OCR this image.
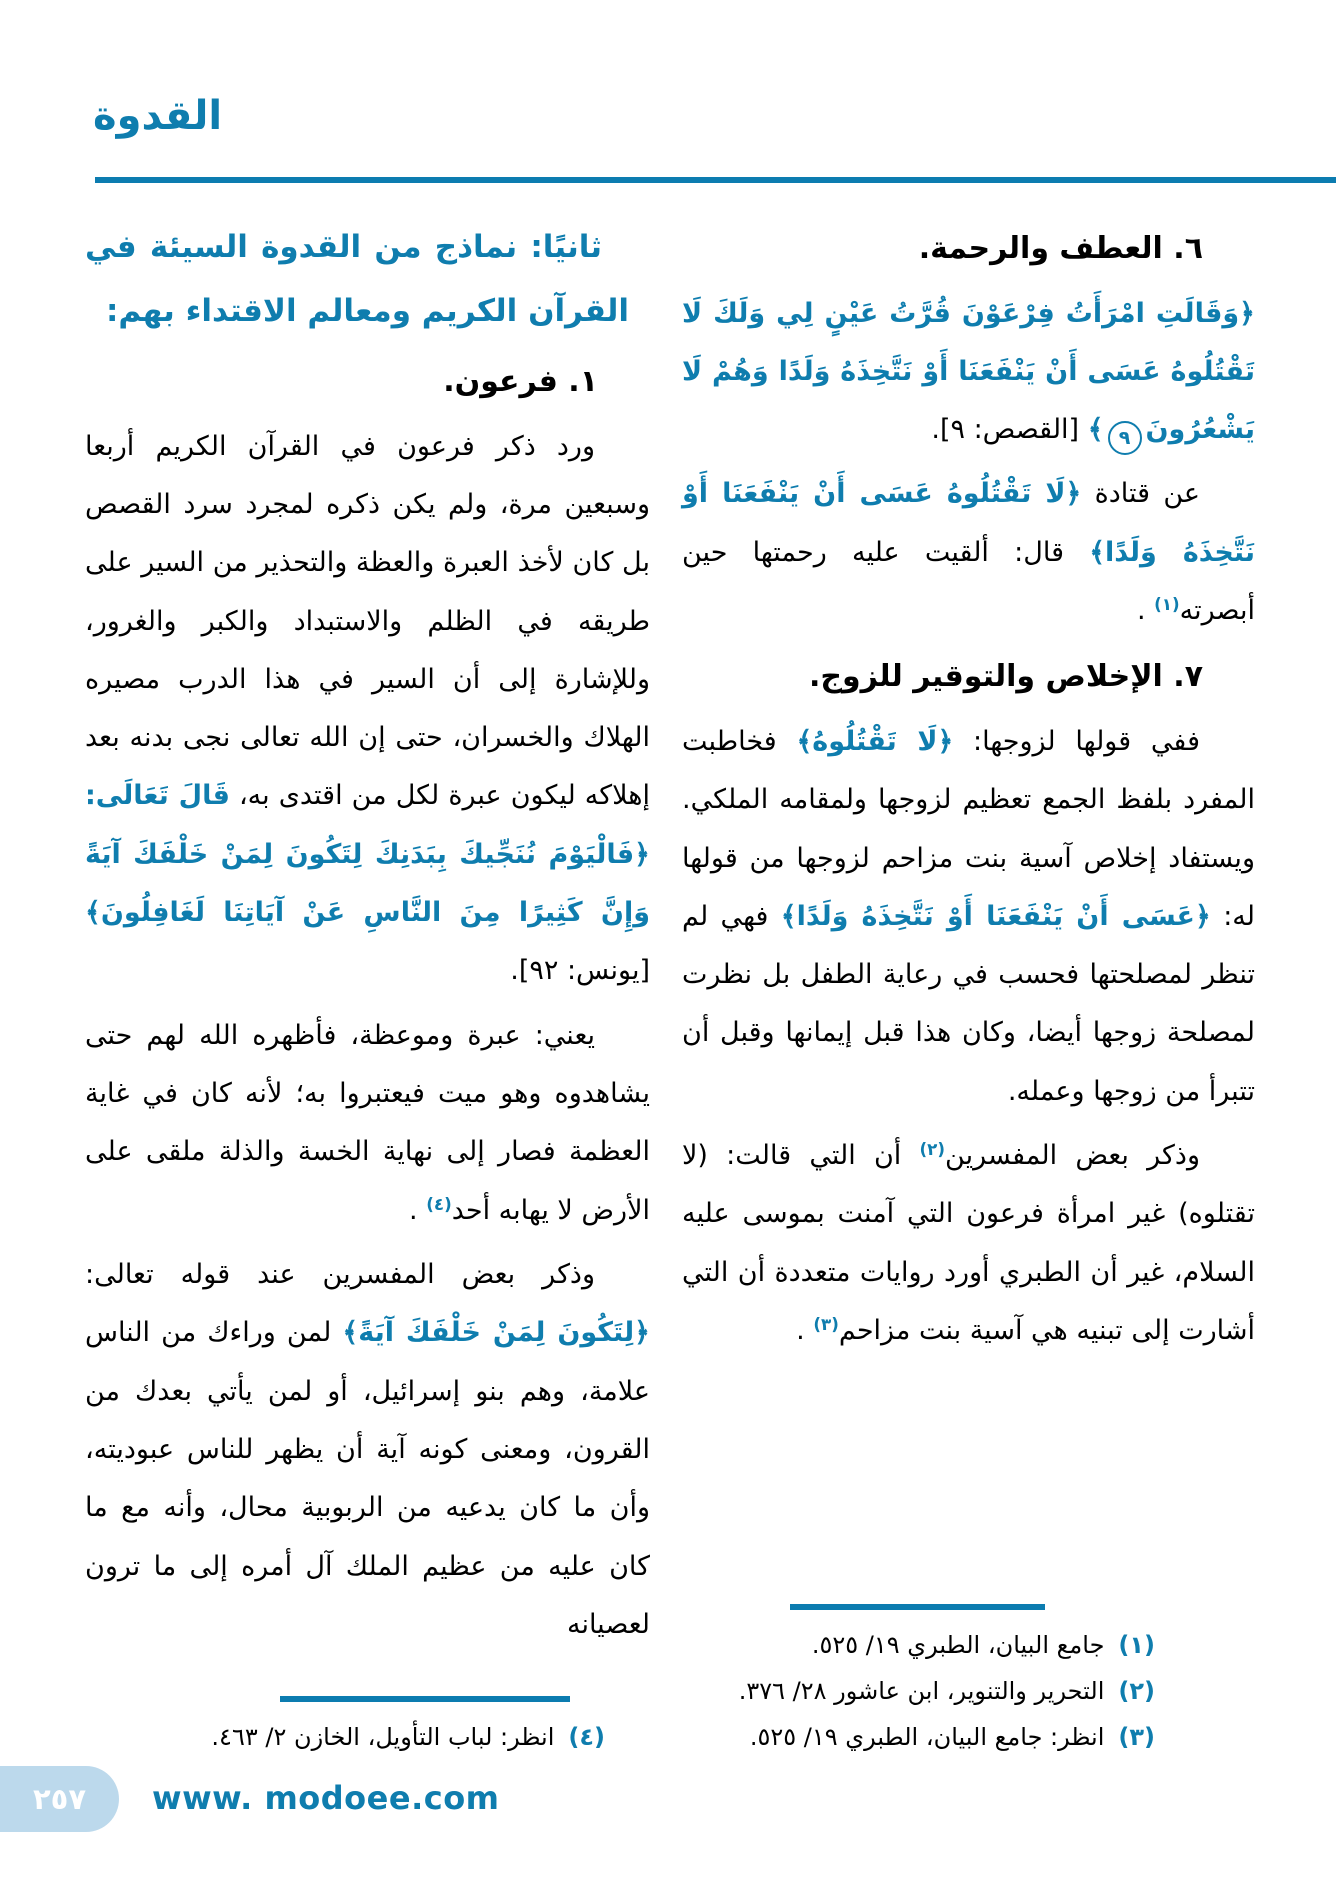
القدوة
٦. العطف والرحمة.
﴿وَقَالَتِ امْرَأَتُ فِرْعَوْنَ قُرَّتُ عَيْنٍ لِي وَلَكَ لَا تَقْتُلُوهُ عَسَى أَنْ يَنْفَعَنَا أَوْ نَتَّخِذَهُ وَلَدًا وَهُمْ لَا يَشْعُرُونَ٩﴾ [القصص: ٩].
عن قتادة ﴿لَا تَقْتُلُوهُ عَسَى أَنْ يَنْفَعَنَا أَوْ نَتَّخِذَهُ وَلَدًا﴾ قال: ألقيت عليه رحمتها حين أبصرته$^{(١)}$ .
٧. الإخلاص والتوقير للزوج.
ففي قولها لزوجها: ﴿لَا تَقْتُلُوهُ﴾ فخاطبت المفرد بلفظ الجمع تعظيم لزوجها ولمقامه الملكي. ويستفاد إخلاص آسية بنت مزاحم لزوجها من قولها له: ﴿عَسَى أَنْ يَنْفَعَنَا أَوْ نَتَّخِذَهُ وَلَدًا﴾ فهي لم تنظر لمصلحتها فحسب في رعاية الطفل بل نظرت لمصلحة زوجها أيضا، وكان هذا قبل إيمانها وقبل أن تتبرأ من زوجها وعمله.
وذكر بعض المفسرين$^{(٢)}$ أن التي قالت: (لا تقتلوه) غير امرأة فرعون التي آمنت بموسى عليه السلام، غير أن الطبري أورد روايات متعددة أن التي أشارت إلى تبنيه هي آسية بنت مزاحم$^{(٣)}$ .
(١)
جامع البيان، الطبري ١٩/ ٥٢٥.
(٢)
التحرير والتنوير، ابن عاشور ٢٨/ ٣٧٦.
(٣)
انظر: جامع البيان، الطبري ١٩/ ٥٢٥.
ثانيًا: نماذج من القدوة السيئة في القرآن الكريم ومعالم الاقتداء بهم:
١. فرعون.
ورد ذكر فرعون في القرآن الكريم أربعا وسبعين مرة، ولم يكن ذكره لمجرد سرد القصص بل كان لأخذ العبرة والعظة والتحذير من السير على طريقه في الظلم والاستبداد والكبر والغرور، وللإشارة إلى أن السير في هذا الدرب مصيره الهلاك والخسران، حتى إن الله تعالى نجى بدنه بعد إهلاكه ليكون عبرة لكل من اقتدى به، قَالَ تَعَالَى: ﴿فَالْيَوْمَ نُنَجِّيكَ بِبَدَنِكَ لِتَكُونَ لِمَنْ خَلْفَكَ آيَةً وَإِنَّ كَثِيرًا مِنَ النَّاسِ عَنْ آيَاتِنَا لَغَافِلُونَ﴾ [يونس: ٩٢].
يعني: عبرة وموعظة، فأظهره الله لهم حتى يشاهدوه وهو ميت فيعتبروا به؛ لأنه كان في غاية العظمة فصار إلى نهاية الخسة والذلة ملقى على الأرض لا يهابه أحد$^{(٤)}$ .
وذكر بعض المفسرين عند قوله تعالى: ﴿لِتَكُونَ لِمَنْ خَلْفَكَ آيَةً﴾ لمن وراءك من الناس علامة، وهم بنو إسرائيل، أو لمن يأتي بعدك من القرون، ومعنى كونه آية أن يظهر للناس عبوديته، وأن ما كان يدعيه من الربوبية محال، وأنه مع ما كان عليه من عظيم الملك آل أمره إلى ما ترون لعصيانه
(٤)
انظر: لباب التأويل، الخازن ٢/ ٤٦٣.
٢٥٧	www. modoee.com
